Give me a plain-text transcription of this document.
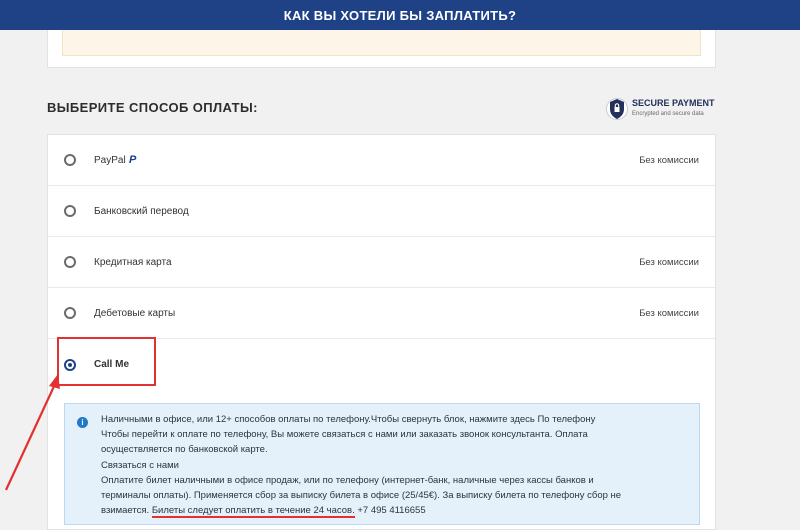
КАК ВЫ ХОТЕЛИ БЫ ЗАПЛАТИТЬ?
ВЫБЕРИТЕ СПОСОБ ОПЛАТЫ:	SECURE PAYMENT
Encrypted and secure data
PayPal P	Без комиссии
Банковский перевод
Кредитная карта	Без комиссии
Дебетовые карты	Без комиссии
Call Me
i	Наличными в офисе, или 12+ способов оплаты по телефону.Чтобы свернуть блок, нажмите здесь По телефону

Чтобы перейти к оплате по телефону, Вы можете связаться с нами или заказать звонок консультанта. Оплата

осуществляется по банковской карте.

Связаться с нами

Оплатите билет наличными в офисе продаж, или по телефону (интернет-банк, наличные через кассы банков и

терминалы оплаты). Применяется сбор за выписку билета в офисе (25/45€). За выписку билета по телефону сбор не

взимается. Билеты следует оплатить в течение 24 часов. +7 495 4116655
